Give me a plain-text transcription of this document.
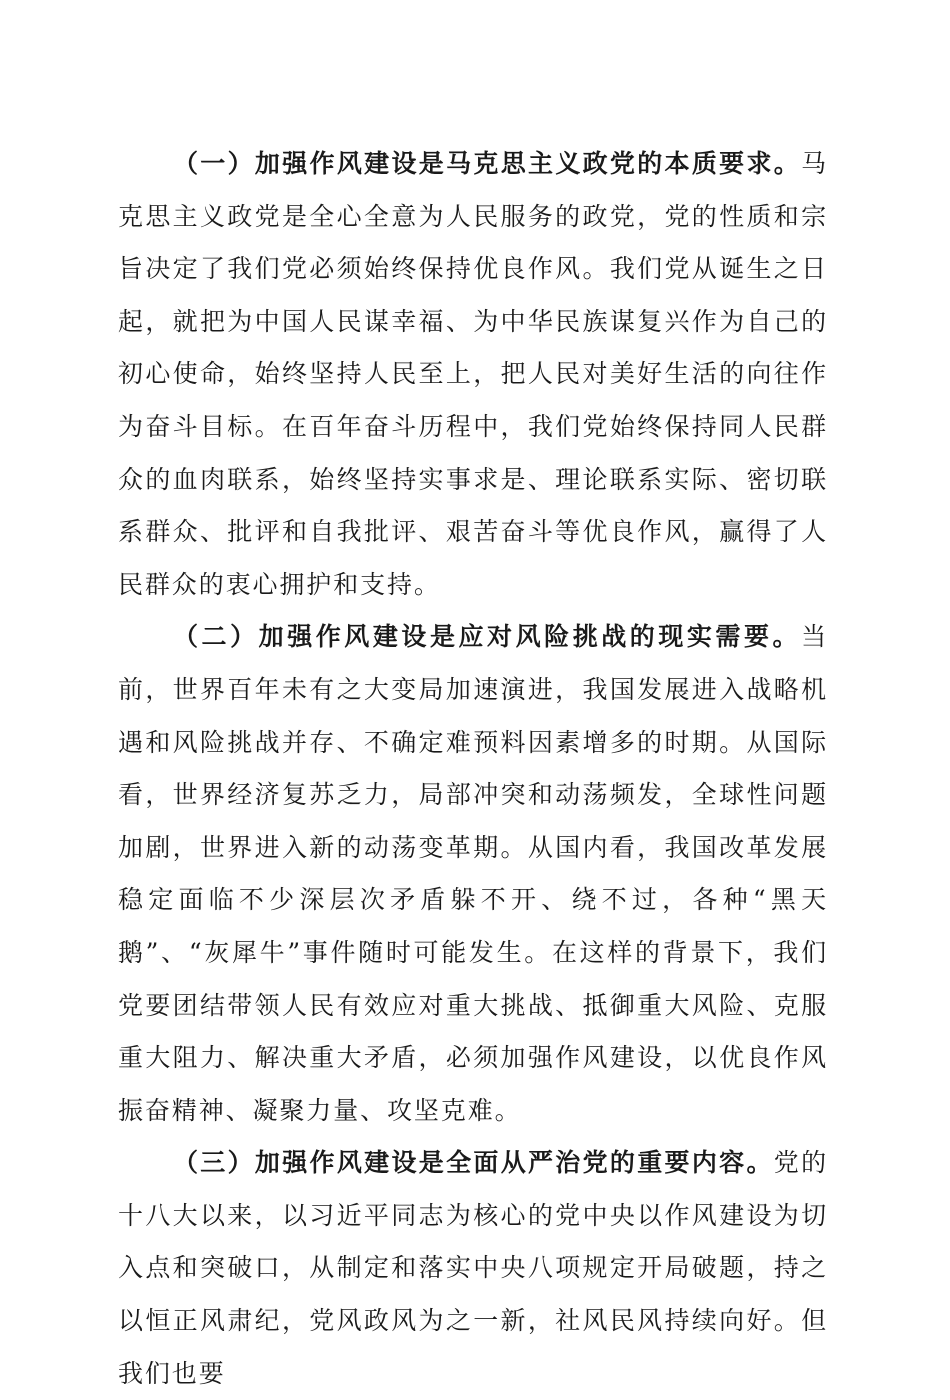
（一）加强作风建设是马克思主义政党的本质要求。马克思主义政党是全心全意为人民服务的政党，党的性质和宗旨决定了我们党必须始终保持优良作风。我们党从诞生之日起，就把为中国人民谋幸福、为中华民族谋复兴作为自己的初心使命，始终坚持人民至上，把人民对美好生活的向往作为奋斗目标。在百年奋斗历程中，我们党始终保持同人民群众的血肉联系，始终坚持实事求是、理论联系实际、密切联系群众、批评和自我批评、艰苦奋斗等优良作风，赢得了人民群众的衷心拥护和支持。

（二）加强作风建设是应对风险挑战的现实需要。当前，世界百年未有之大变局加速演进，我国发展进入战略机遇和风险挑战并存、不确定难预料因素增多的时期。从国际看，世界经济复苏乏力，局部冲突和动荡频发，全球性问题加剧，世界进入新的动荡变革期。从国内看，我国改革发展稳定面临不少深层次矛盾躲不开、绕不过，各种“黑天鹅”、“灰犀牛”事件随时可能发生。在这样的背景下，我们党要团结带领人民有效应对重大挑战、抵御重大风险、克服重大阻力、解决重大矛盾，必须加强作风建设，以优良作风振奋精神、凝聚力量、攻坚克难。

（三）加强作风建设是全面从严治党的重要内容。党的十八大以来，以习近平同志为核心的党中央以作风建设为切入点和突破口，从制定和落实中央八项规定开局破题，持之以恒正风肃纪，党风政风为之一新，社风民风持续向好。但我们也要
